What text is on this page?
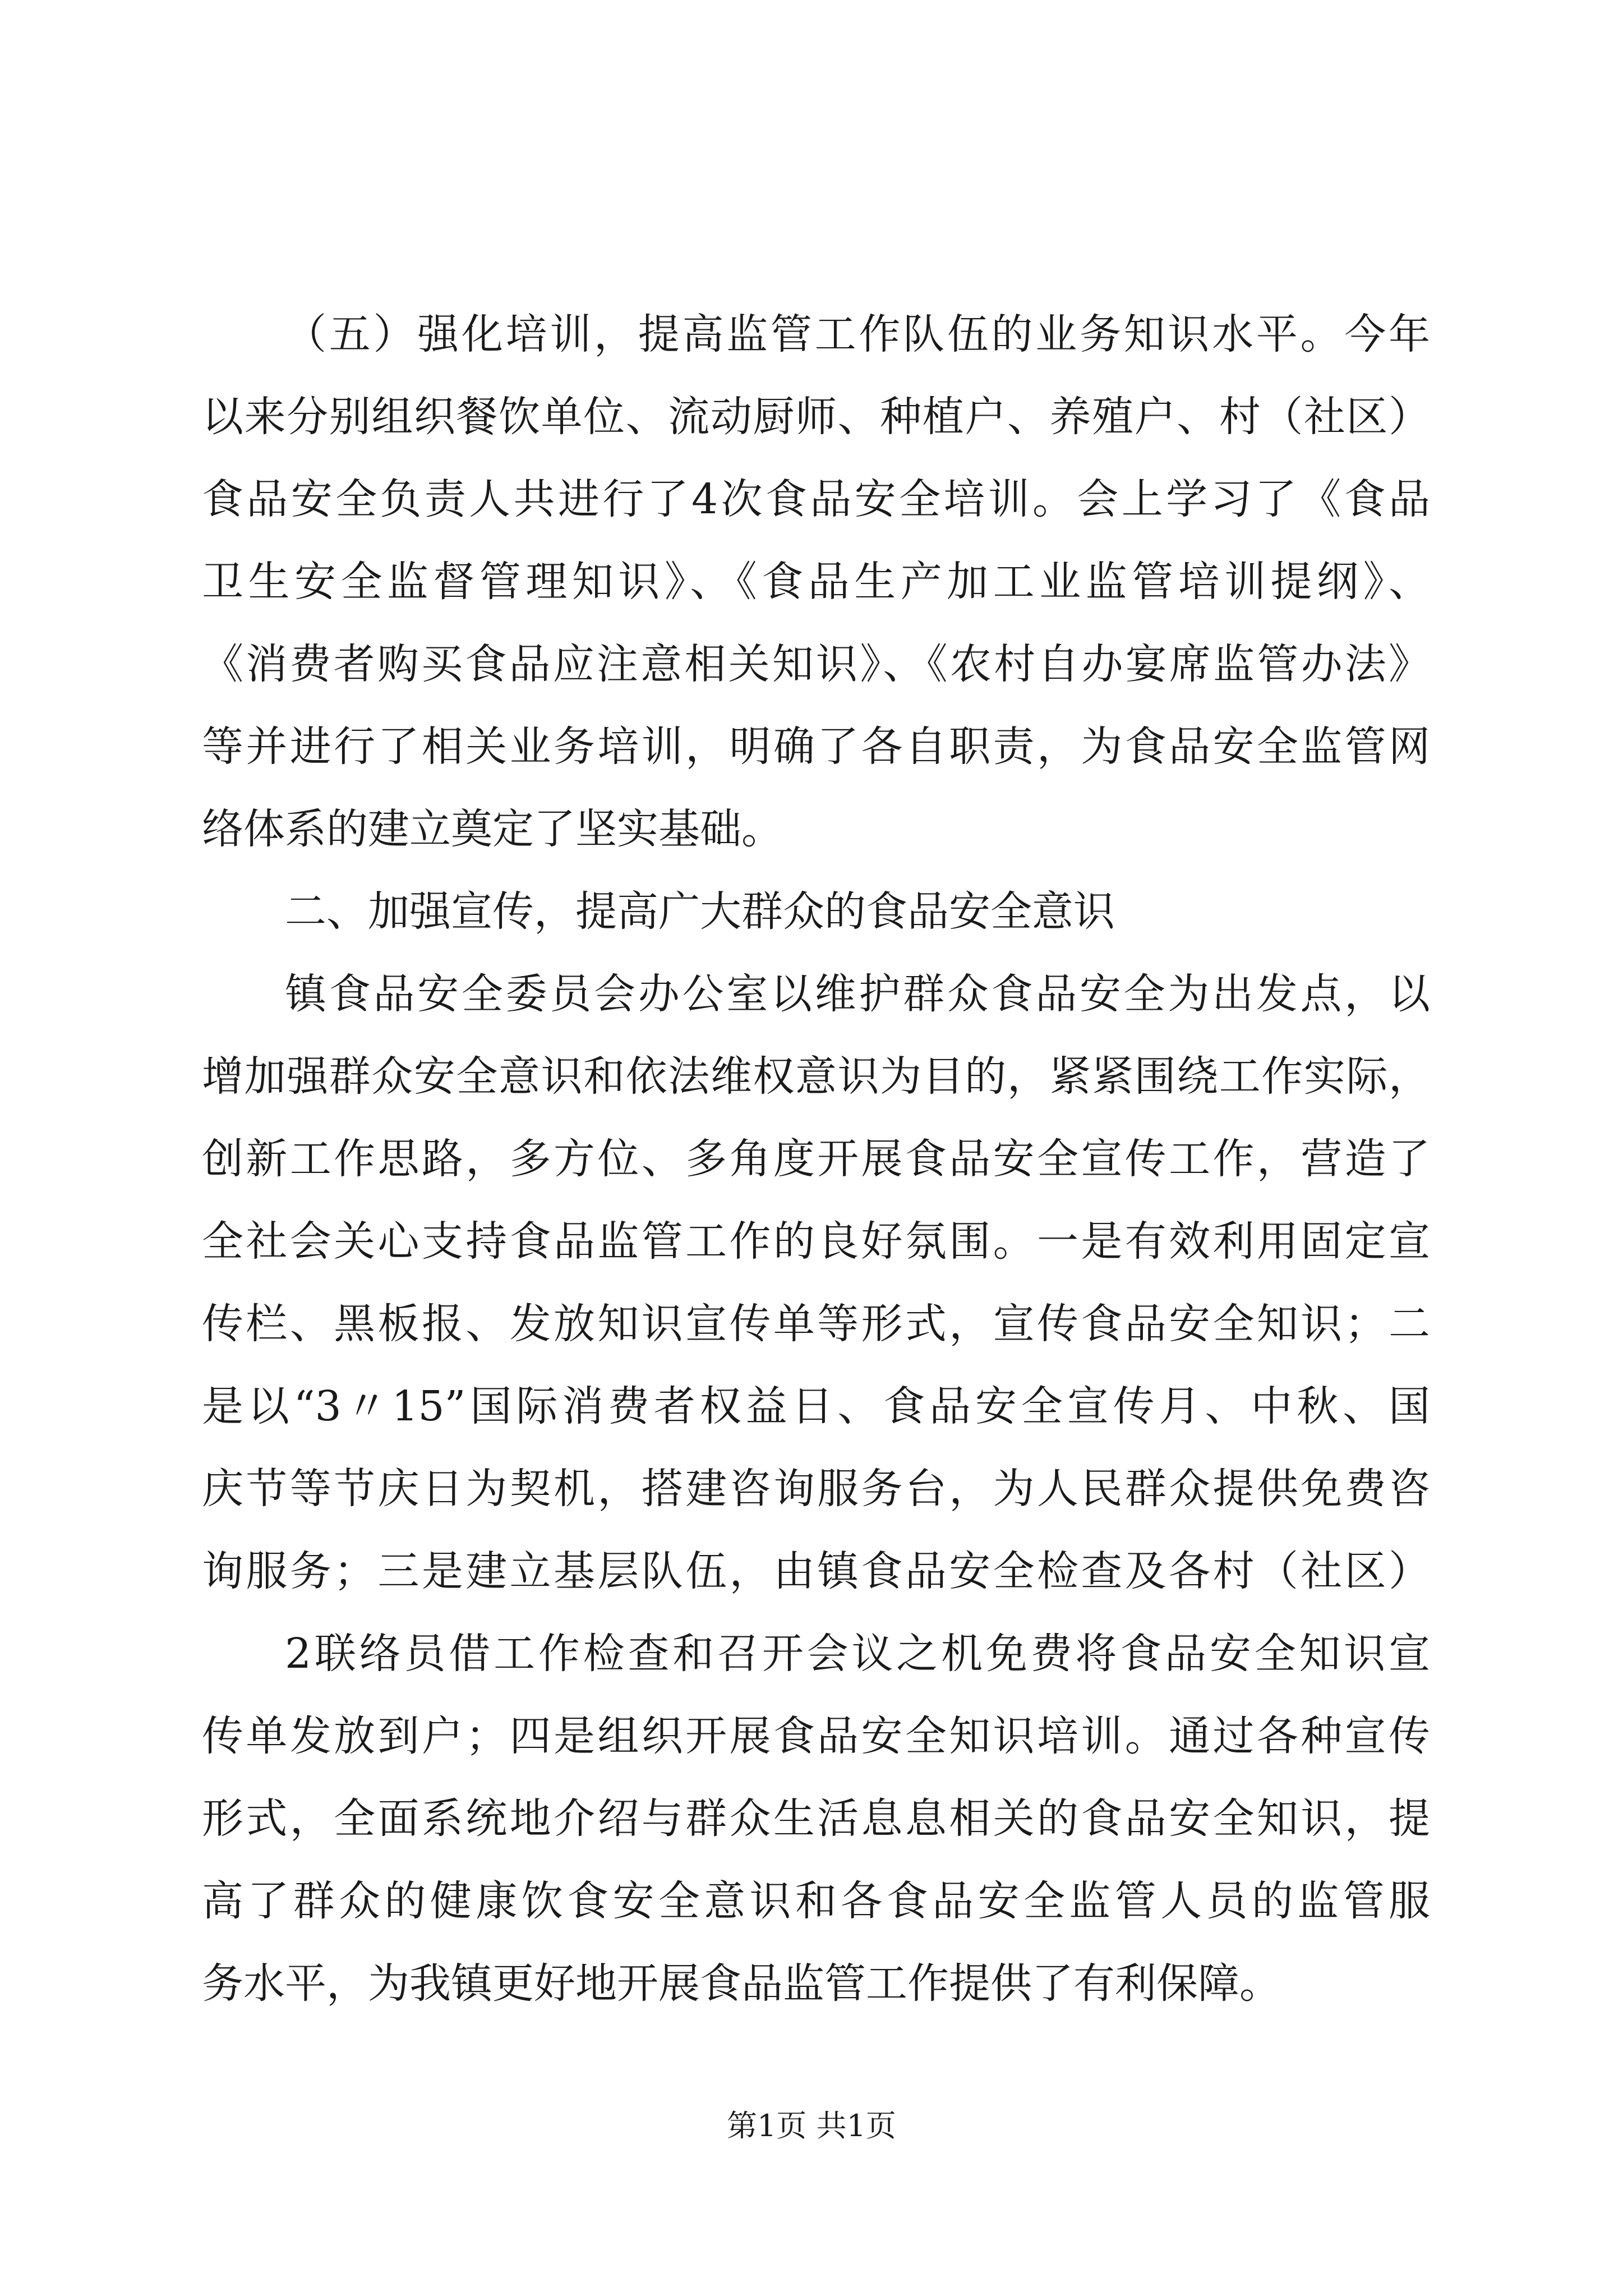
（五）强化培训，提高监管工作队伍的业务知识水平。今年
以来分别组织餐饮单位、流动厨师、种植户、养殖户、村（社区）
食品安全负责人共进行了4次食品安全培训。会上学习了《食品
卫生安全监督管理知识》、《食品生产加工业监管培训提纲》、
《消费者购买食品应注意相关知识》、《农村自办宴席监管办法》
等并进行了相关业务培训，明确了各自职责，为食品安全监管网
络体系的建立奠定了坚实基础。
二、加强宣传，提高广大群众的食品安全意识
镇食品安全委员会办公室以维护群众食品安全为出发点，以
增加强群众安全意识和依法维权意识为目的，紧紧围绕工作实际，
创新工作思路，多方位、多角度开展食品安全宣传工作，营造了
全社会关心支持食品监管工作的良好氛围。一是有效利用固定宣
传栏、黑板报、发放知识宣传单等形式，宣传食品安全知识；二
是以“3〃15”国际消费者权益日、食品安全宣传月、中秋、国
庆节等节庆日为契机，搭建咨询服务台，为人民群众提供免费咨
询服务；三是建立基层队伍，由镇食品安全检查及各村（社区）
2联络员借工作检查和召开会议之机免费将食品安全知识宣
传单发放到户；四是组织开展食品安全知识培训。通过各种宣传
形式，全面系统地介绍与群众生活息息相关的食品安全知识，提
高了群众的健康饮食安全意识和各食品安全监管人员的监管服
务水平，为我镇更好地开展食品监管工作提供了有利保障。
第1页 共1页
